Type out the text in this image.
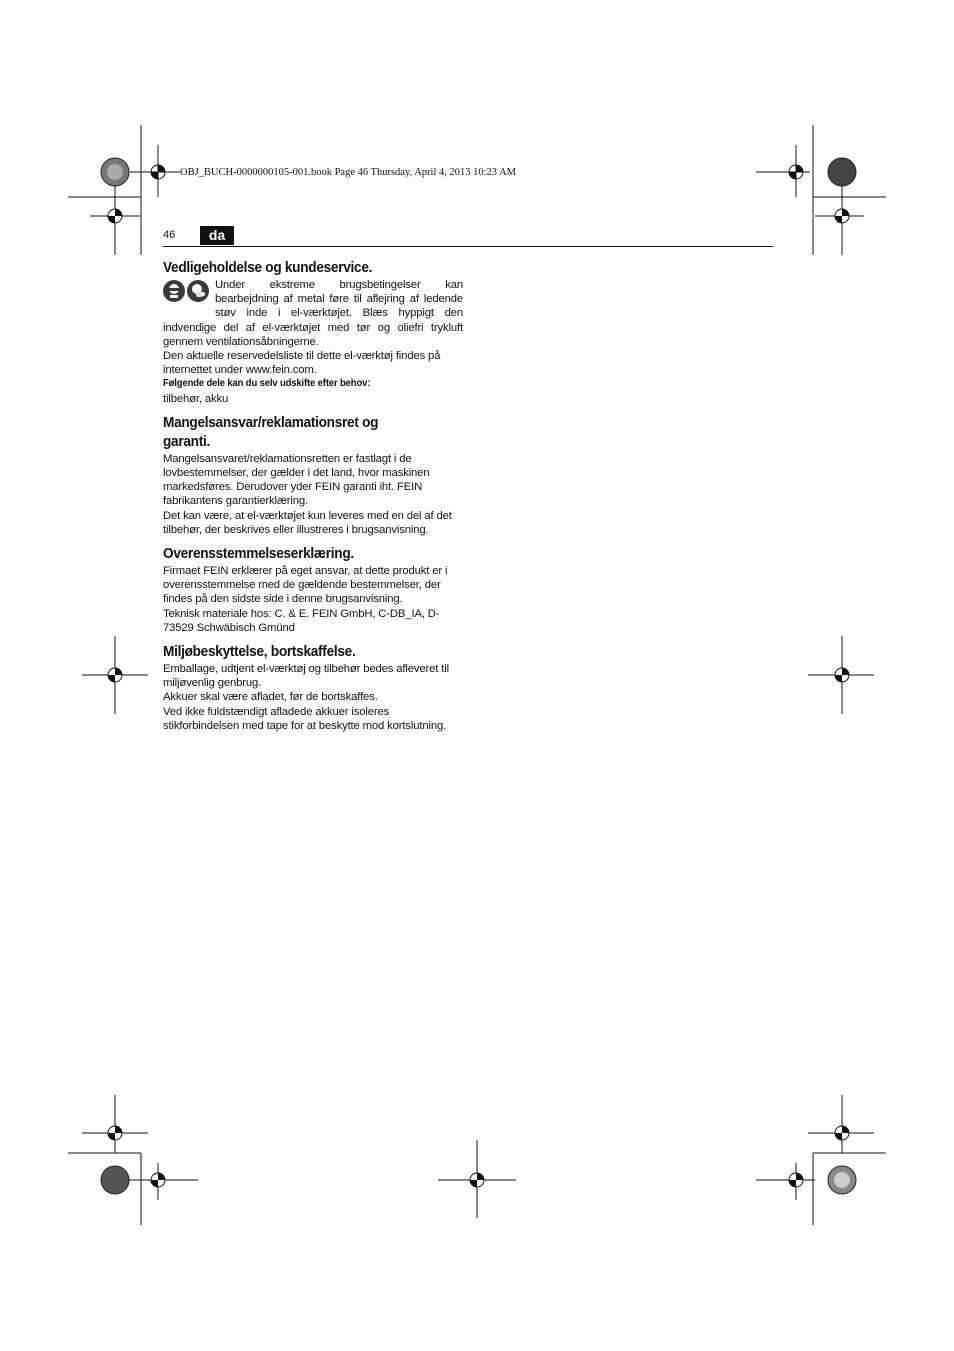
OBJ_BUCH-0000000105-001.book Page 46 Thursday, April 4, 2013 10:23 AM
46	da
Vedligeholdelse og kundeservice.

Under ekstreme brugsbetingelser kan bearbejdning af metal føre til aflejring af ledende støv inde i el-værktøjet. Blæs hyppigt den indvendige del af el-værktøjet med tør og oliefri trykluft gennem ventilationsåbningerne.

Den aktuelle reservedelsliste til dette el-værktøj findes på internettet under www.fein.com.

Følgende dele kan du selv udskifte efter behov:

tilbehør, akku

Mangelsansvar/reklamationsret og garanti.

Mangelsansvaret/reklamationsretten er fastlagt i de lovbestemmelser, der gælder i det land, hvor maskinen markedsføres. Derudover yder FEIN garanti iht. FEIN fabrikantens garantierklæring.

Det kan være, at el-værktøjet kun leveres med en del af det tilbehør, der beskrives eller illustreres i brugsanvisning.

Overensstemmelseserklæring.

Firmaet FEIN erklærer på eget ansvar, at dette produkt er i overensstemmelse med de gældende bestemmelser, der findes på den sidste side i denne brugsanvisning.

Teknisk materiale hos: C. & E. FEIN GmbH, C-DB_IA, D-73529 Schwäbisch Gmünd

Miljøbeskyttelse, bortskaffelse.

Emballage, udtjent el-værktøj og tilbehør bedes afleveret til miljøvenlig genbrug.

Akkuer skal være afladet, før de bortskaffes.

Ved ikke fuldstændigt afladede akkuer isoleres stikforbindelsen med tape for at beskytte mod kortslutning.
